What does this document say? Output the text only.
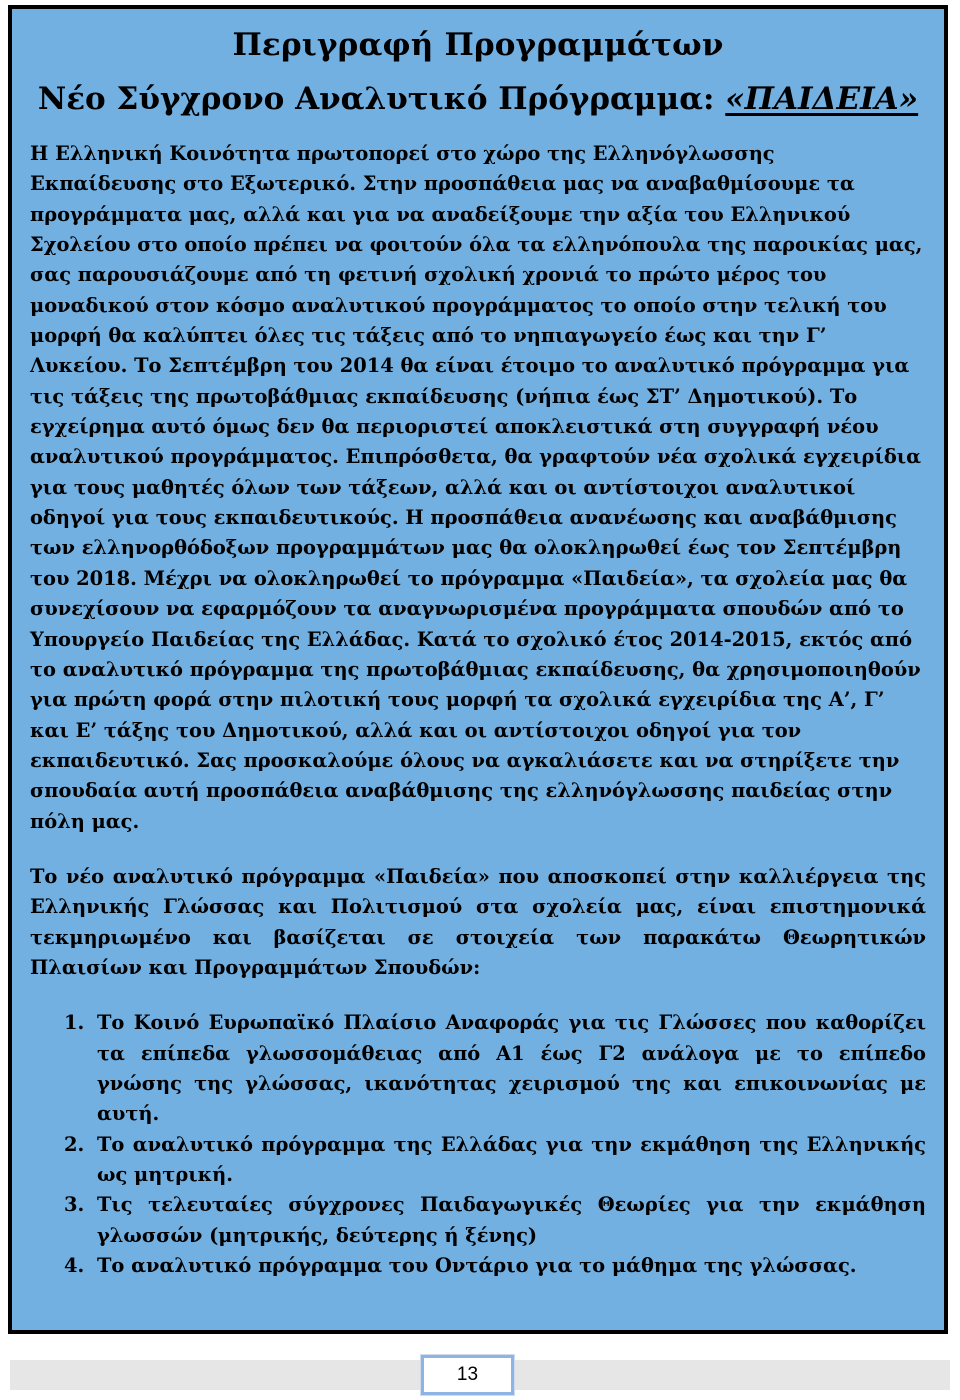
Περιγραφή Προγραμμάτων
Νέο Σύγχρονο Αναλυτικό Πρόγραμμα: «ΠΑΙΔΕΙΑ»

Η Ελληνική Κοινότητα πρωτοπορεί στο χώρο της Ελληνόγλωσσης Εκπαίδευσης στο Εξωτερικό. Στην προσπάθεια μας να αναβαθμίσουμε τα προγράμματα μας, αλλά και για να αναδείξουμε την αξία του Ελληνικού Σχολείου στο οποίο πρέπει να φοιτούν όλα τα ελληνόπουλα της παροικίας μας, σας παρουσιάζουμε από τη φετινή σχολική χρονιά το πρώτο μέρος του μοναδικού στον κόσμο αναλυτικού προγράμματος το οποίο στην τελική του μορφή θα καλύπτει όλες τις τάξεις από το νηπιαγωγείο έως και την Γ’ Λυκείου. Το Σεπτέμβρη του 2014 θα είναι έτοιμο το αναλυτικό πρόγραμμα για τις τάξεις της πρωτοβάθμιας εκπαίδευσης (νήπια έως ΣΤ’ Δημοτικού). Το εγχείρημα αυτό όμως δεν θα περιοριστεί αποκλειστικά στη συγγραφή νέου αναλυτικού προγράμματος. Επιπρόσθετα, θα γραφτούν νέα σχολικά εγχειρίδια για τους μαθητές όλων των τάξεων, αλλά και οι αντίστοιχοι αναλυτικοί οδηγοί για τους εκπαιδευτικούς. Η προσπάθεια ανανέωσης και αναβάθμισης των ελληνορθόδοξων προγραμμάτων μας θα ολοκληρωθεί έως τον Σεπτέμβρη του 2018. Μέχρι να ολοκληρωθεί το πρόγραμμα «Παιδεία», τα σχολεία μας θα συνεχίσουν να εφαρμόζουν τα αναγνωρισμένα προγράμματα σπουδών από το Υπουργείο Παιδείας της Ελλάδας. Κατά το σχολικό έτος 2014-2015, εκτός από το αναλυτικό πρόγραμμα της πρωτοβάθμιας εκπαίδευσης, θα χρησιμοποιηθούν για πρώτη φορά στην πιλοτική τους μορφή τα σχολικά εγχειρίδια της Α’, Γ’ και Ε’ τάξης του Δημοτικού, αλλά και οι αντίστοιχοι οδηγοί για τον εκπαιδευτικό. Σας προσκαλούμε όλους να αγκαλιάσετε και να στηρίξετε την σπουδαία αυτή προσπάθεια αναβάθμισης της ελληνόγλωσσης παιδείας στην πόλη μας.

Το νέο αναλυτικό πρόγραμμα «Παιδεία» που αποσκοπεί στην καλλιέργεια της Ελληνικής Γλώσσας και Πολιτισμού στα σχολεία μας, είναι επιστημονικά τεκμηριωμένο και βασίζεται σε στοιχεία των παρακάτω Θεωρητικών Πλαισίων και Προγραμμάτων Σπουδών:

1. Το Κοινό Ευρωπαϊκό Πλαίσιο Αναφοράς για τις Γλώσσες που καθορίζει τα επίπεδα γλωσσομάθειας από Α1 έως Γ2 ανάλογα με το επίπεδο γνώσης της γλώσσας, ικανότητας χειρισμού της και επικοινωνίας με αυτή.
2. Το αναλυτικό πρόγραμμα της Ελλάδας για την εκμάθηση της Ελληνικής ως μητρική.
3. Τις τελευταίες σύγχρονες Παιδαγωγικές Θεωρίες για την εκμάθηση γλωσσών (μητρικής, δεύτερης ή ξένης)
4. Το αναλυτικό πρόγραμμα του Οντάριο για το μάθημα της γλώσσας.
13
